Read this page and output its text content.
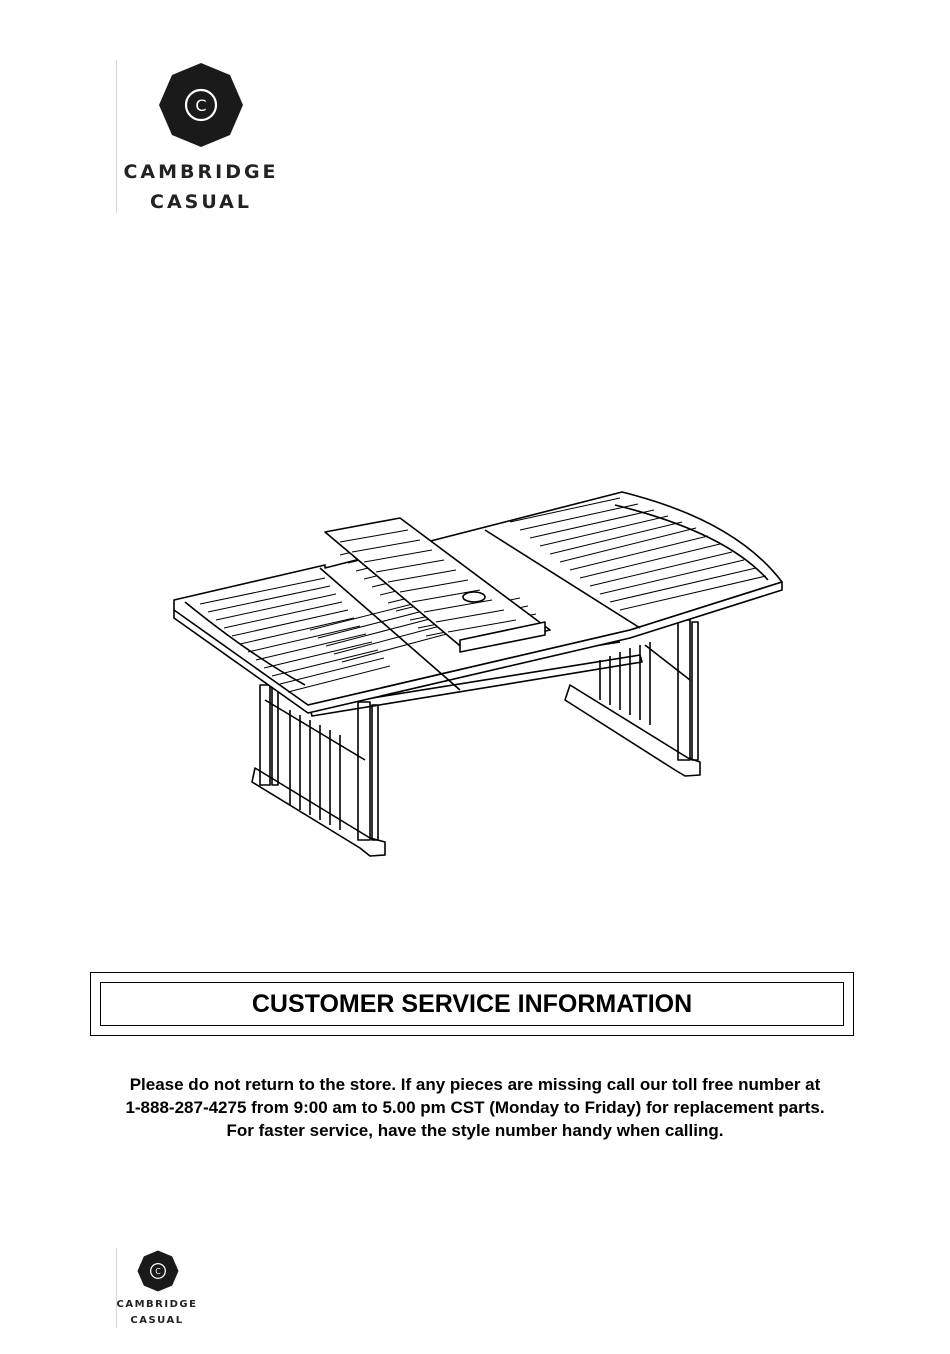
C
CAMBRIDGE
CASUAL
CUSTOMER SERVICE INFORMATION
Please do not return to the store. If any pieces are missing call our toll free number at
1-888-287-4275 from 9:00 am to 5.00 pm CST (Monday to Friday) for replacement parts.
For faster service, have the style number handy when calling.
C
CAMBRIDGE
CASUAL
